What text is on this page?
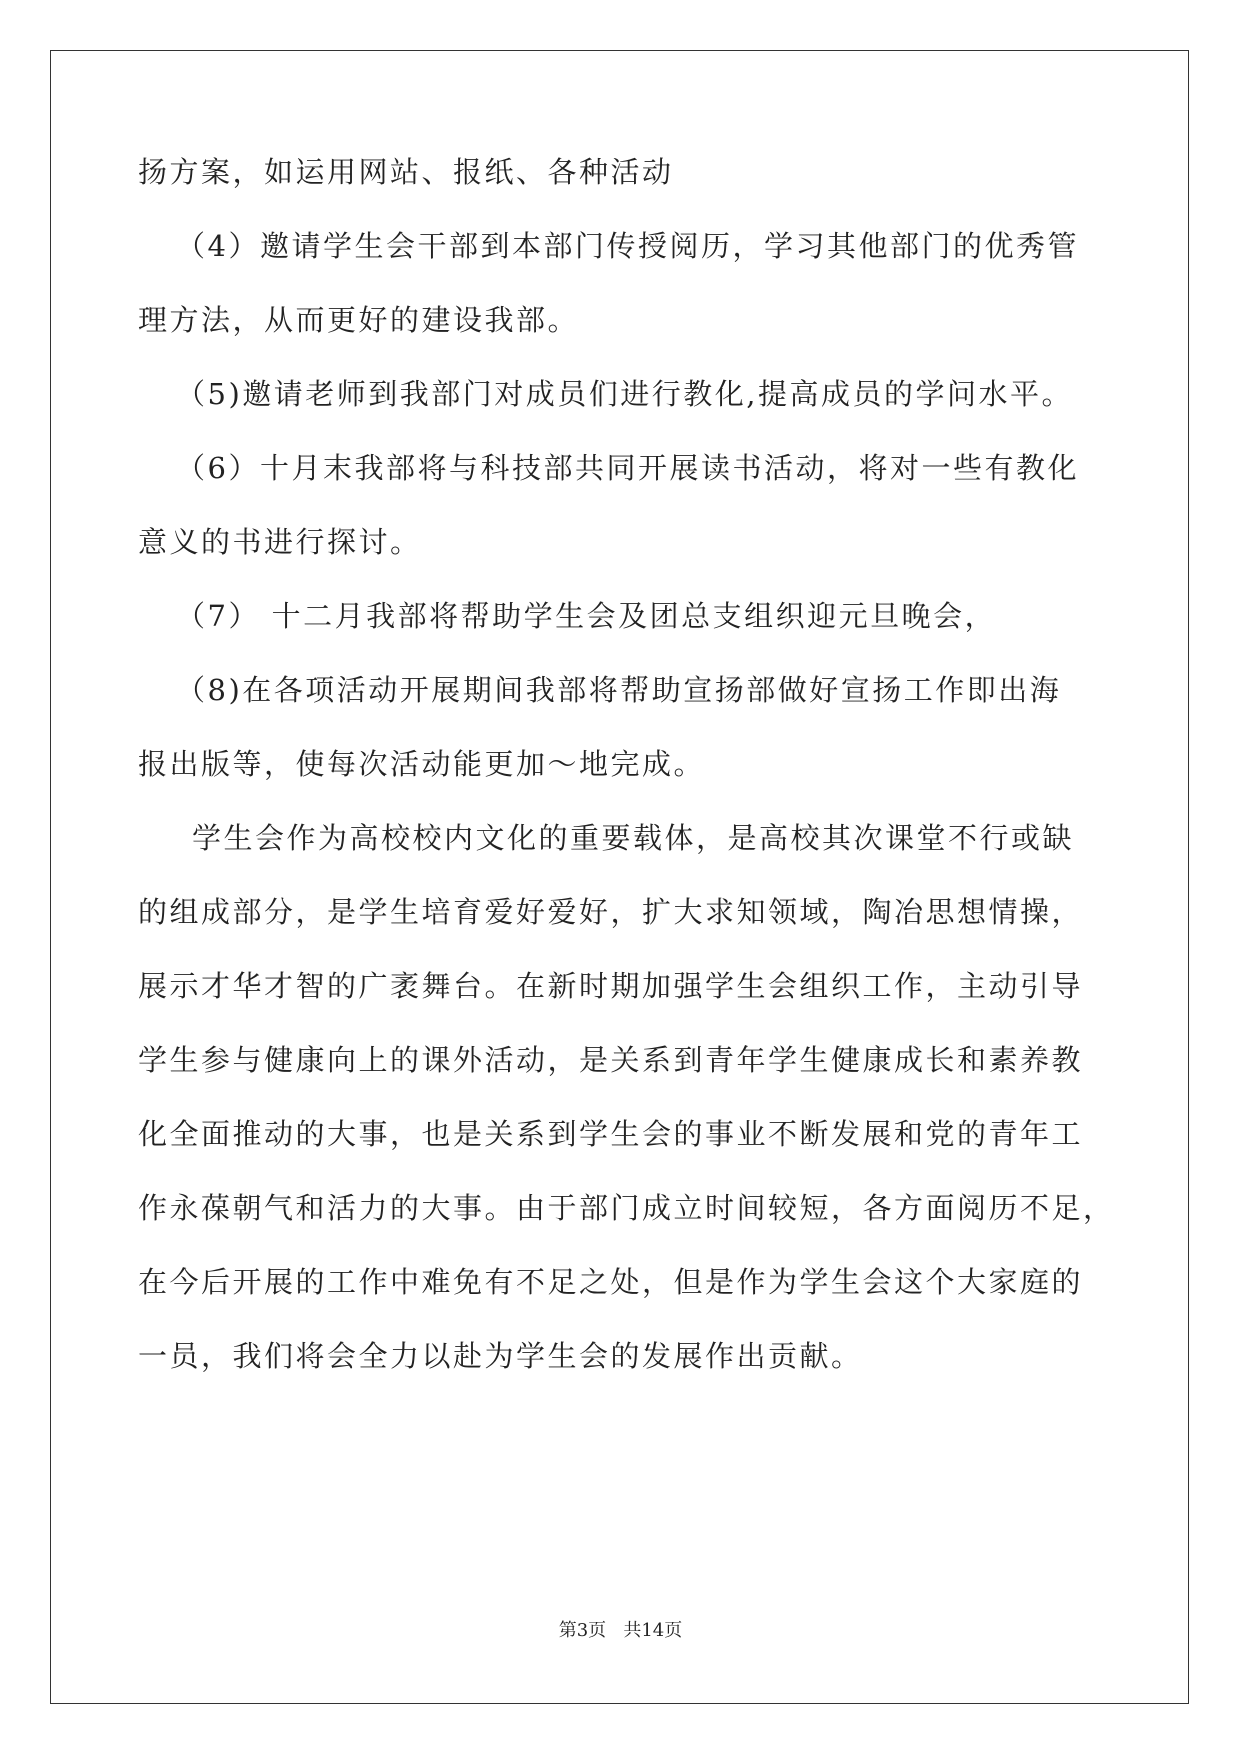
扬方案，如运用网站、报纸、各种活动

（4）邀请学生会干部到本部门传授阅历，学习其他部门的优秀管

理方法，从而更好的建设我部。

（5)邀请老师到我部门对成员们进行教化,提高成员的学问水平。

（6）十月末我部将与科技部共同开展读书活动，将对一些有教化

意义的书进行探讨。

（7） 十二月我部将帮助学生会及团总支组织迎元旦晚会，

（8)在各项活动开展期间我部将帮助宣扬部做好宣扬工作即出海

报出版等，使每次活动能更加～地完成。

学生会作为高校校内文化的重要载体，是高校其次课堂不行或缺

的组成部分，是学生培育爱好爱好，扩大求知领域，陶冶思想情操，

展示才华才智的广袤舞台。在新时期加强学生会组织工作，主动引导

学生参与健康向上的课外活动，是关系到青年学生健康成长和素养教

化全面推动的大事，也是关系到学生会的事业不断发展和党的青年工

作永葆朝气和活力的大事。由于部门成立时间较短，各方面阅历不足，

在今后开展的工作中难免有不足之处，但是作为学生会这个大家庭的

一员，我们将会全力以赴为学生会的发展作出贡献。

第3页   共14页
